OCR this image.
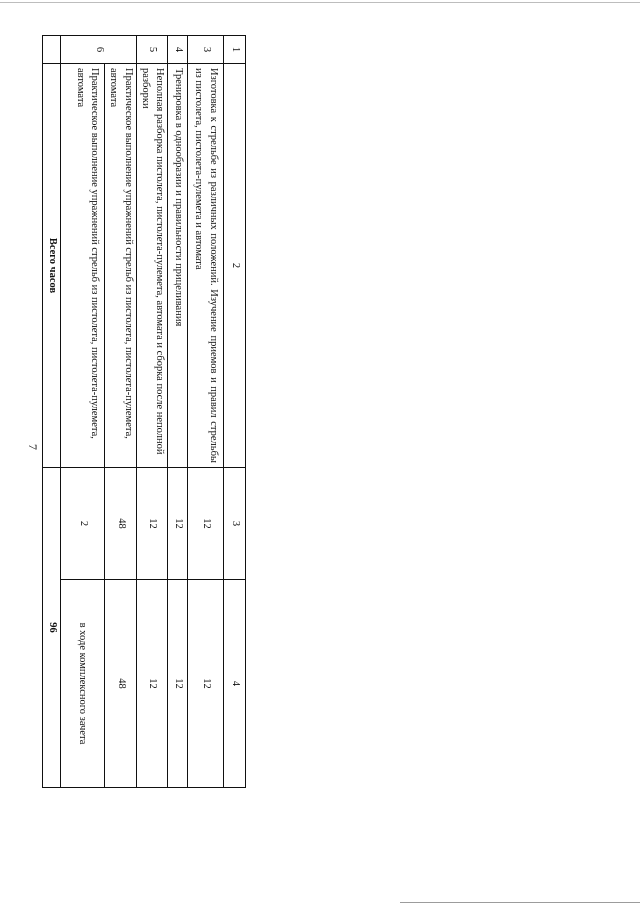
7
1	2	3	4
3	Изготовка к стрельбе из различных положений. Изучение приемов и правил стрельбы из пистолета, пистолета-пулемета и автомата	12	12
4	Тренировка в однообразии и правильности прицеливания	12	12
5	Неполная разборка пистолета, пистолета-пулемета, автомата и сборка после неполной разборки	12	12
6	Практическое выполнение упражнений стрельб из пистолета, пистолета-пулемета, автомата	48	48
	Практическое выполнение упражнений стрельб из пистолета, пистолета-пулемета, автомата	2	в ходе комплексного зачета
	Всего часов	96	
